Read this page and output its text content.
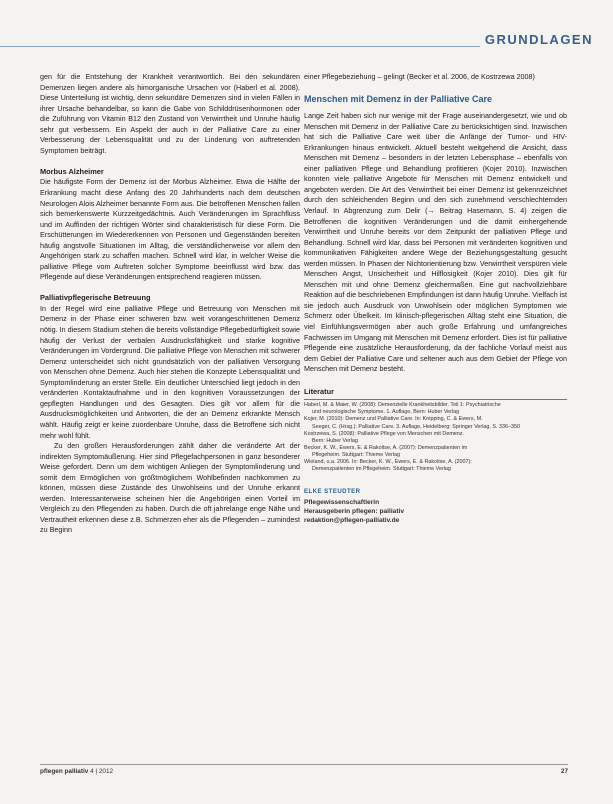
GRUNDLAGEN

gen für die Entstehung der Krankheit verantwortlich. Bei den sekundären Demenzen liegen andere als himorganische Ursachen vor (Haberl et al. 2008). Diese Unterteilung ist wichtig, denn sekundäre Demenzen sind in vielen Fällen in ihrer Ursache behandelbar, so kann die Gabe von Schilddrüsenhormonen oder die Zuführung von Vitamin B12 den Zustand von Verwirrtheit und Unruhe häufig sehr gut verbessern. Ein Aspekt der auch in der Palliative Care zu einer Verbesserung der Lebensqualität und zu der Linderung von auftretenden Symptomen beiträgt.

Morbus Alzheimer

Die häufigste Form der Demenz ist der Morbus Alzheimer. Etwa die Hälfte der Erkrankung macht diese Anfang des 20 Jahrhunderts nach dem deutschen Neurologen Alois Alzheimer benannte Form aus. Die betroffenen Menschen fallen sich bemerkenswerte Kurzzeitgedächtnis. Auch Veränderungen im Sprachfluss und im Auffinden der richtigen Wörter sind charakteristisch für diese Form. Die Erschütterungen im Wiedererkennen von Personen und Gegenständen bereiten häufig angstvolle Situationen im Alltag, die verständlicherweise vor allem den Angehörigen stark zu schaffen machen. Schnell wird klar, in welcher Weise die palliative Pflege vom Auftreten solcher Symptome beeinflusst wird bzw. das Pflegende auf diese Veränderungen entsprechend reagieren müssen.

Palliativpflegerische Betreuung

In der Regel wird eine palliative Pflege und Betreuung von Menschen mit Demenz in der Phase einer schweren bzw. weit vorangeschrittenen Demenz nötig. In diesem Stadium stehen die bereits vollständige Pflegebedürftigkeit sowie häufig der Verlust der verbalen Ausdrucksfähigkeit und starke kognitive Veränderungen im Vordergrund. Die palliative Pflege von Menschen mit schwerer Demenz unterscheidet sich nicht grundsätzlich von der palliativen Versorgung von Menschen ohne Demenz. Auch hier stehen die Konzepte Lebensqualität und Symptomlinderung an erster Stelle. Ein deutlicher Unterschied liegt jedoch in den veränderten Kontaktaufnahme und in den kognitiven Voraussetzungen der gepflegten Handlungen und des Gesagten. Dies gilt vor allem für die Ausdrucksmöglichkeiten und Antworten, die der an Demenz erkrankte Mensch wählt. Häufig zeigt er keine zuordenbare Unruhe, dass die Betroffene sich nicht mehr wohl fühlt.

Zu den großen Herausforderungen zählt daher die veränderte Art der indirekten Symptomäußerung. Hier sind Pflegefachpersonen in ganz besonderer Weise gefordert. Denn um dem wichtigen Anliegen der Symptomlinderung und somit dem Ermöglichen von größtmöglichem Wohlbefinden nachkommen zu können, müssen diese Zustände des Unwohlseins und der Unruhe erkannt werden. Interessanterweise scheinen hier die Angehörigen einen Vorteil im Vergleich zu den Pflegenden zu haben. Durch die oft jahrelange enge Nähe und Vertrautheit erkennen diese z.B. Schmerzen eher als die Pflegenden – zumindest zu Beginn

einer Pflegebeziehung – gelingt (Becker et al. 2006, de Kostrzewa 2008)

Menschen mit Demenz in der Palliative Care

Lange Zeit haben sich nur wenige mit der Frage auseinandergesetzt, wie und ob Menschen mit Demenz in der Palliative Care zu berücksichtigen sind. Inzwischen hat sich die Palliative Care weit über die Anfänge der Tumor- und HIV-Erkrankungen hinaus entwickelt. Aktuell besteht weitgehend die Ansicht, dass Menschen mit Demenz – besonders in der letzten Lebensphase – ebenfalls von einer palliativen Pflege und Behandlung profitieren (Kojer 2010). Inzwischen konnten viele palliative Angebote für Menschen mit Demenz entwickelt und angeboten werden. Die Art des Verwirrtheit bei einer Demenz ist gekennzeichnet durch den schleichenden Beginn und den sich zunehmend verschlechternden Verlauf. In Abgrenzung zum Delir (→ Beitrag Hasemann, S. 4) zeigen die Betroffenen die kognitiven Veränderungen und die damit einhergehende Verwirrtheit und Unruhe bereits vor dem Zeitpunkt der palliativen Pflege und Behandlung. Schnell wird klar, dass bei Personen mit veränderten kognitiven und kommunikativen Fähigkeiten andere Wege der Beziehungsgestaltung gesucht werden müssen. In Phasen der Nichtorientierung bzw. Verwirrtheit verspüren viele Menschen Angst, Unsicherheit und Hilflosigkeit (Kojer 2010). Dies gilt für Menschen mit und ohne Demenz gleichermaßen. Eine gut nachvollziehbare Reaktion auf die beschriebenen Empfindungen ist dann häufig Unruhe. Vielfach ist sie jedoch auch Ausdruck von Unwohlsein oder möglichen Symptomen wie Schmerz oder Übelkeit. Im klinisch-pflegerischen Alltag steht eine Situation, die viel Einfühlungsvermögen aber auch große Erfahrung und umfangreiches Fachwissen im Umgang mit Menschen mit Demenz erfordert. Dies ist für palliative Pflegende eine zusätzliche Herausforderung, da der fachliche Vorlauf meist aus dem Gebiet der Palliative Care und seltener auch aus dem Gebiet der Pflege von Menschen mit Demenz besteht.

Literatur

Haberl, M. & Maier, W. (2008): Demenzielle Krankheitsbilder. Teil 1: Psychiatrische
und neurologische Symptome. 1. Auflage, Bern: Huber Verlag

Kojer, M. (2010): Demenz und Palliative Care. In: Knipping, C. & Ewers, M.
Seeger, C. (Hrsg.): Palliative Care. 3. Auflage, Heidelberg: Springer Verlag, S. 336–350

Kostrzewa, S. (2008): Palliative Pflege von Menschen mit Demenz.
Bern: Huber Verlag

Becker, K. W., Ewers, E. & Rakoitse, A. (2007): Demenzpatienten im
Pflegeheim. Stuttgart: Thieme Verlag

Wieland, u.a. 2006. In: Becker, K. W., Ewers, E. & Rakoitse, A. (2007):
Demenzpatienten im Pflegeheim. Stuttgart: Thieme Verlag

ELKE STEUDTER
Pflegewissenschaftlerin
Herausgeberin pflegen: palliativ
redaktion@pflegen-palliativ.de
pflegen palliativ 4 | 2012	27
